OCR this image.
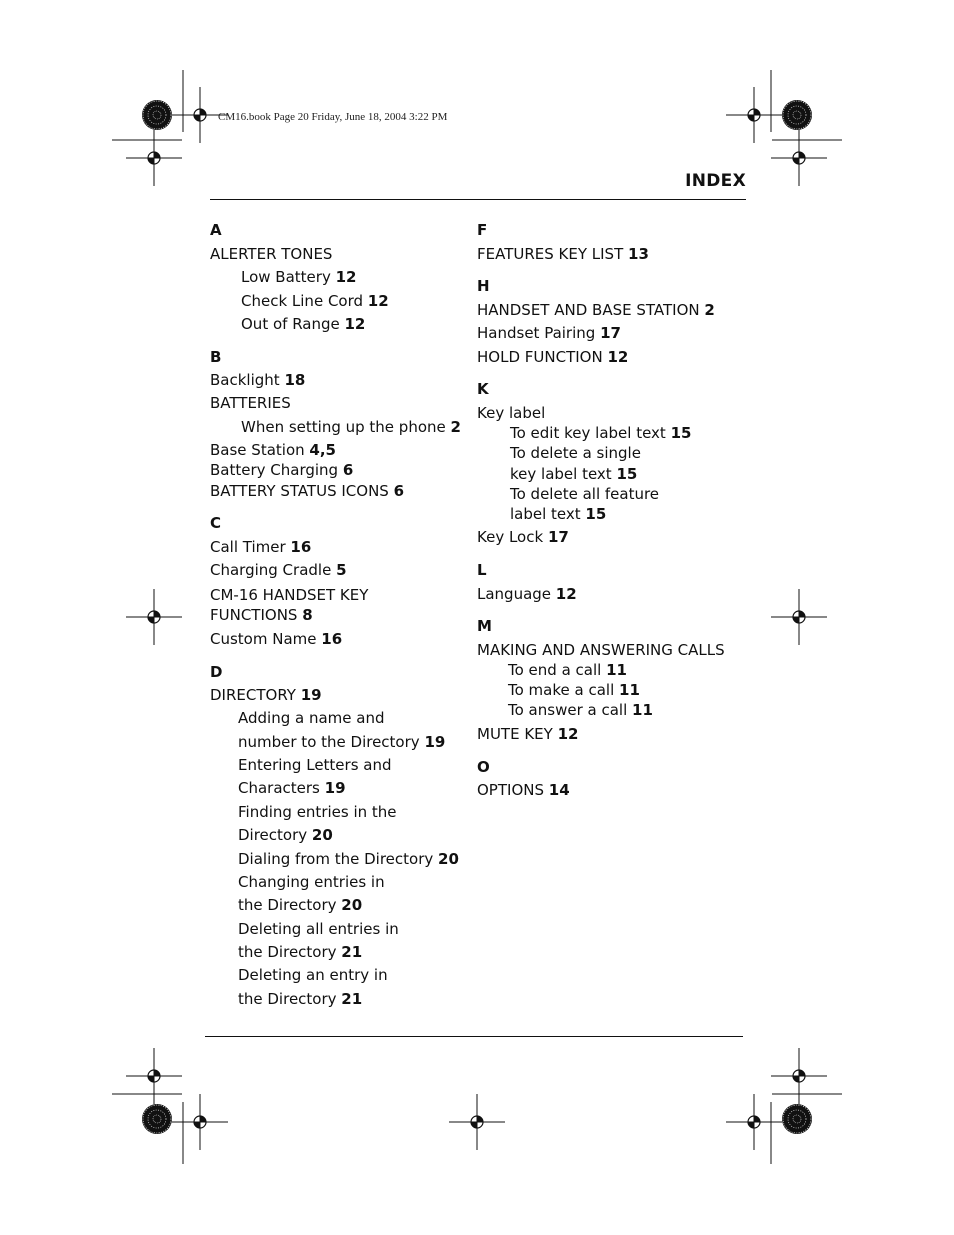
CM16.book Page 20 Friday, June 18, 2004 3:22 PM
INDEX
A
ALERTER TONES
Low Battery 12
Check Line Cord 12
Out of Range 12
B
Backlight 18
BATTERIES
When setting up the phone 2
Base Station 4,5
Battery Charging 6
BATTERY STATUS ICONS 6
C
Call Timer 16
Charging Cradle 5
CM-16 HANDSET KEY
FUNCTIONS 8
Custom Name 16
D
DIRECTORY 19
Adding a name and
number to the Directory 19
Entering Letters and
Characters 19
Finding entries in the
Directory 20
Dialing from the Directory 20
Changing entries in
the Directory 20
Deleting all entries in
the Directory 21
Deleting an entry in
the Directory 21
F
FEATURES KEY LIST 13
H
HANDSET AND BASE STATION 2
Handset Pairing 17
HOLD FUNCTION 12
K
Key label
To edit key label text 15
To delete a single
key label text 15
To delete all feature
label text 15
Key Lock 17
L
Language 12
M
MAKING AND ANSWERING CALLS
To end a call 11
To make a call 11
To answer a call 11
MUTE KEY 12
O
OPTIONS 14
